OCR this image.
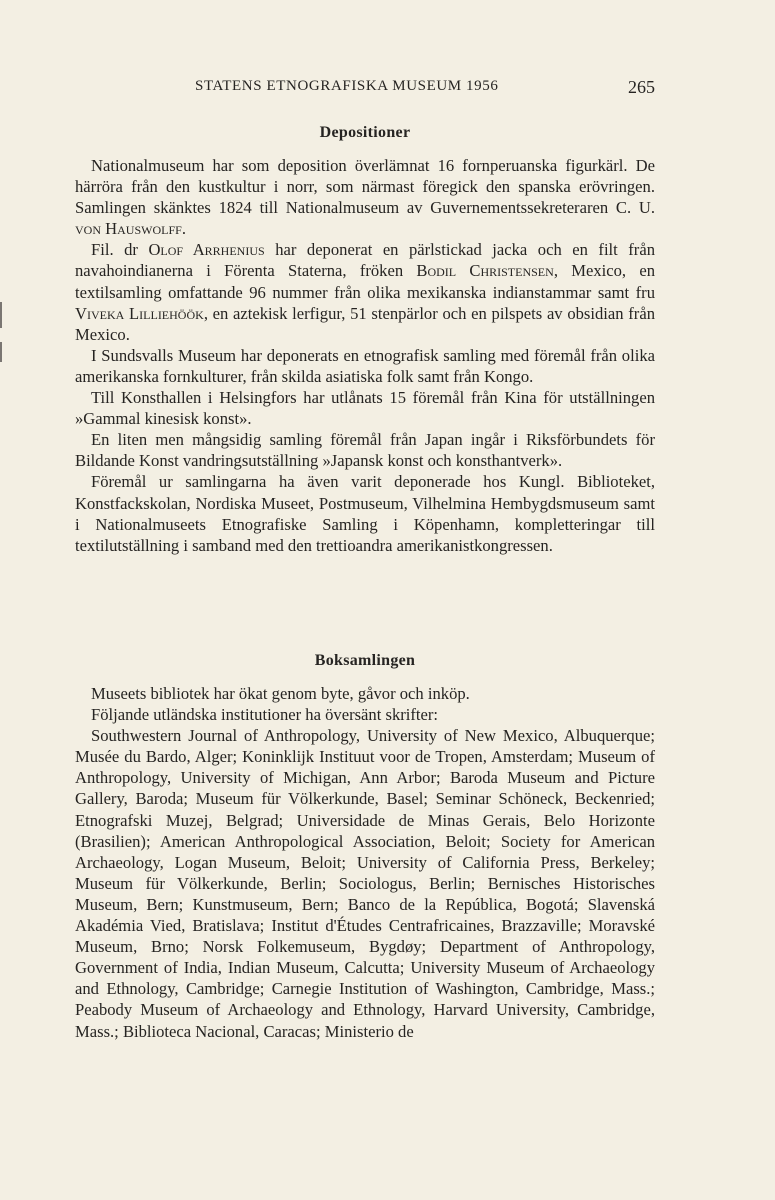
STATENS ETNOGRAFISKA MUSEUM 1956	265
Depositioner

Nationalmuseum har som deposition överlämnat 16 fornperuanska figurkärl. De härröra från den kustkultur i norr, som närmast föregick den spanska erövringen. Samlingen skänktes 1824 till Nationalmuseum av Guvernementssekreteraren C. U. von Hauswolff.

Fil. dr Olof Arrhenius har deponerat en pärlstickad jacka och en filt från navahoindianerna i Förenta Staterna, fröken Bodil Christensen, Mexico, en textilsamling omfattande 96 nummer från olika mexikanska indianstammar samt fru Viveka Lilliehöök, en aztekisk lerfigur, 51 stenpärlor och en pilspets av obsidian från Mexico.

I Sundsvalls Museum har deponerats en etnografisk samling med föremål från olika amerikanska fornkulturer, från skilda asiatiska folk samt från Kongo.

Till Konsthallen i Helsingfors har utlånats 15 föremål från Kina för utställningen »Gammal kinesisk konst».

En liten men mångsidig samling föremål från Japan ingår i Riksförbundets för Bildande Konst vandringsutställning »Japansk konst och konsthantverk».

Föremål ur samlingarna ha även varit deponerade hos Kungl. Biblioteket, Konstfackskolan, Nordiska Museet, Postmuseum, Vilhelmina Hembygdsmuseum samt i Nationalmuseets Etnografiske Samling i Köpenhamn, kompletteringar till textilutställning i samband med den trettioandra amerikanistkongressen.

Boksamlingen

Museets bibliotek har ökat genom byte, gåvor och inköp.

Följande utländska institutioner ha översänt skrifter:

Southwestern Journal of Anthropology, University of New Mexico, Albuquerque; Musée du Bardo, Alger; Koninklijk Instituut voor de Tropen, Amsterdam; Museum of Anthropology, University of Michigan, Ann Arbor; Baroda Museum and Picture Gallery, Baroda; Museum für Völkerkunde, Basel; Seminar Schöneck, Beckenried; Etnografski Muzej, Belgrad; Universidade de Minas Gerais, Belo Horizonte (Brasilien); American Anthropological Association, Beloit; Society for American Archaeology, Logan Museum, Beloit; University of California Press, Berkeley; Museum für Völkerkunde, Berlin; Sociologus, Berlin; Bernisches Historisches Museum, Bern; Kunstmuseum, Bern; Banco de la República, Bogotá; Slavenská Akadémia Vied, Bratislava; Institut d'Études Centrafricaines, Brazzaville; Moravské Museum, Brno; Norsk Folkemuseum, Bygdøy; Department of Anthropology, Government of India, Indian Museum, Calcutta; University Museum of Archaeology and Ethnology, Cambridge; Carnegie Institution of Washington, Cambridge, Mass.; Peabody Museum of Archaeology and Ethnology, Harvard University, Cambridge, Mass.; Biblioteca Nacional, Caracas; Ministerio de
